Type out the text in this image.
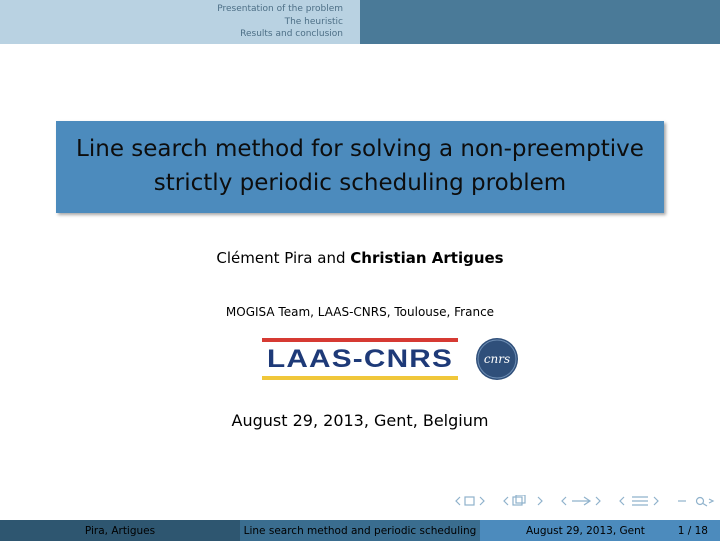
Presentation of the problem
The heuristic
Results and conclusion
Line search method for solving a non-preemptive
strictly periodic scheduling problem
Clément Pira and Christian Artigues
MOGISA Team, LAAS-CNRS, Toulouse, France
LAAS-CNRS	cnrs
August 29, 2013, Gent, Belgium
Pira, Artigues	Line search method and periodic scheduling	August 29, 2013, Gent	1 / 18
